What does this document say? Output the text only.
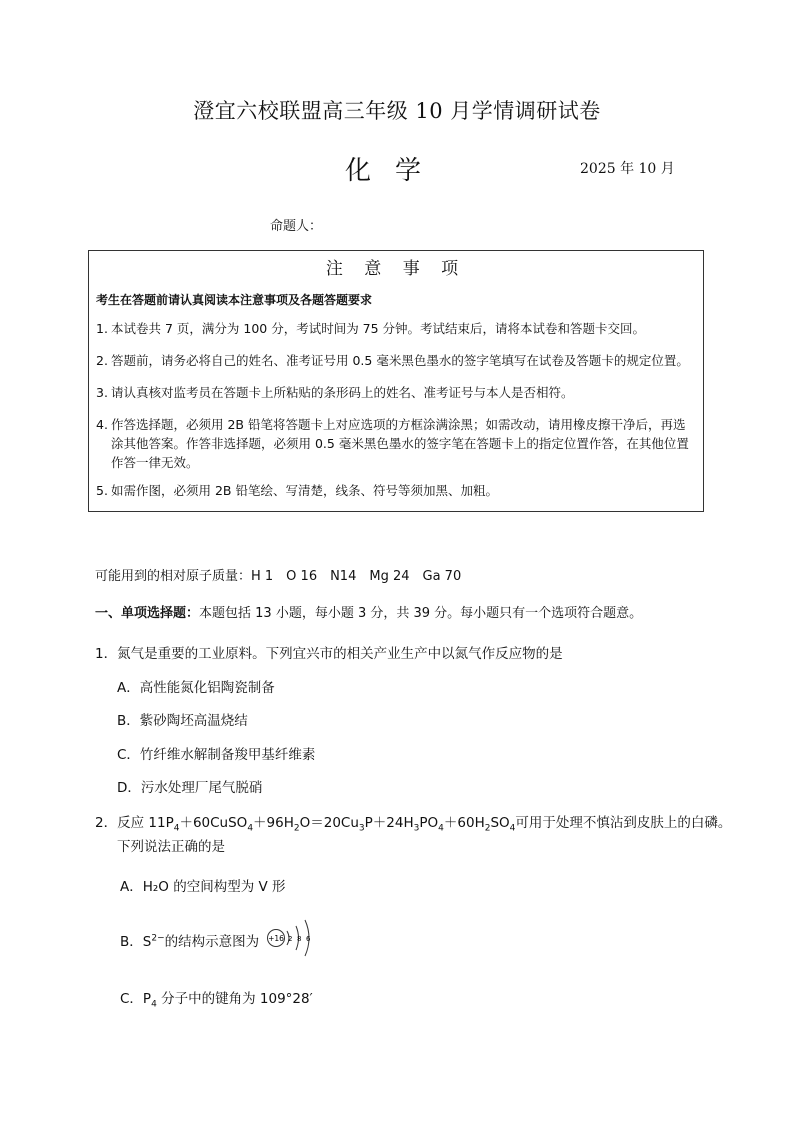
澄宜六校联盟高三年级 10 月学情调研试卷
化学	2025 年 10 月
命题人：
注 意 事 项
考生在答题前请认真阅读本注意事项及各题答题要求
1. 本试卷共 7 页，满分为 100 分，考试时间为 75 分钟。考试结束后，请将本试卷和答题卡交回。
2. 答题前，请务必将自己的姓名、准考证号用 0.5 毫米黑色墨水的签字笔填写在试卷及答题卡的规定位置。
3. 请认真核对监考员在答题卡上所粘贴的条形码上的姓名、准考证号与本人是否相符。
4. 作答选择题，必须用 2B 铅笔将答题卡上对应选项的方框涂满涂黑；如需改动，请用橡皮擦干净后，再选涂其他答案。作答非选择题，必须用 0.5 毫米黑色墨水的签字笔在答题卡上的指定位置作答，在其他位置作答一律无效。
5. 如需作图，必须用 2B 铅笔绘、写清楚，线条、符号等须加黑、加粗。
可能用到的相对原子质量：H 1　O 16　N14　Mg 24　Ga 70
一、单项选择题：本题包括 13 小题，每小题 3 分，共 39 分。每小题只有一个选项符合题意。
1．氮气是重要的工业原料。下列宜兴市的相关产业生产中以氮气作反应物的是
A．高性能氮化铝陶瓷制备
B．紫砂陶坯高温烧结
C．竹纤维水解制备羧甲基纤维素
D．污水处理厂尾气脱硝
2．反应 $11P_4+60CuSO_4+96H_2O=20Cu_3P+24H_3PO_4+60H_2SO_4$可用于处理不慎沾到皮肤上的白磷。
下列说法正确的是
A．H₂O 的空间构型为 V 形
B．$S^{2-}$的结构示意图为 +16 2 8 6
C．$P_4$ 分子中的键角为 109°28′
